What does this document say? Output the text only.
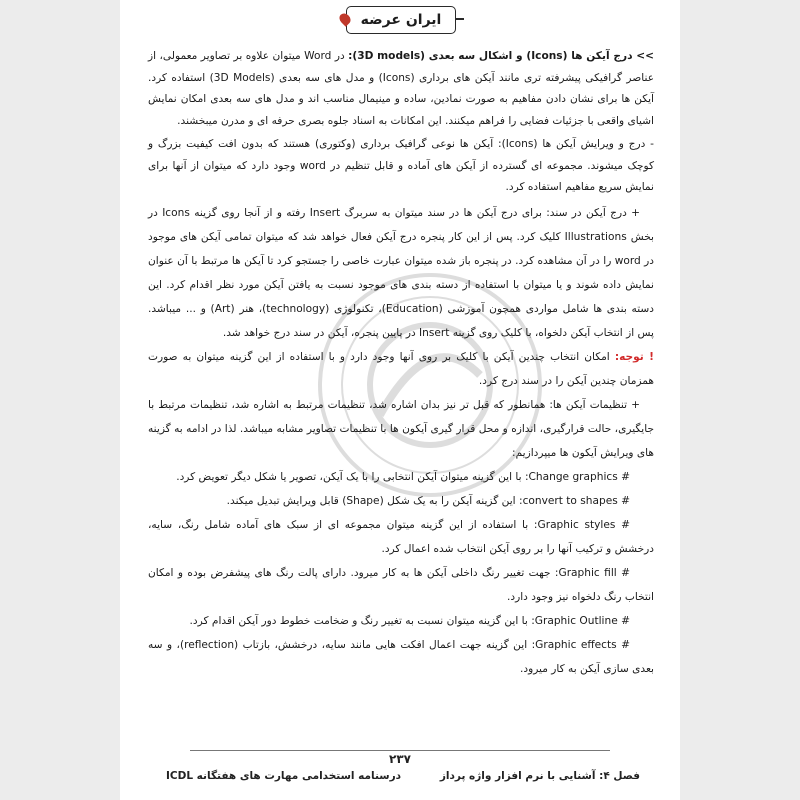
ایران عرضه

>> درج آیکن ها (Icons) و اشکال سه بعدی (3D models): در Word میتوان علاوه بر تصاویر معمولی، از عناصر گرافیکی پیشرفته تری مانند آیکن های برداری (Icons) و مدل های سه بعدی (3D Models) استفاده کرد. آیکن ها برای نشان دادن مفاهیم به صورت نمادین، ساده و مینیمال مناسب اند و مدل های سه بعدی امکان نمایش اشیای واقعی با جزئیات فضایی را فراهم میکنند. این امکانات به اسناد جلوه بصری حرفه ای و مدرن میبخشند.

- درج و ویرایش آیکن ها (Icons): آیکن ها نوعی گرافیک برداری (وکتوری) هستند که بدون افت کیفیت بزرگ و کوچک میشوند. مجموعه ای گسترده از آیکن های آماده و قابل تنظیم در word وجود دارد که میتوان از آنها برای نمایش سریع مفاهیم استفاده کرد.

+ درج آیکن در سند: برای درج آیکن ها در سند میتوان به سربرگ Insert رفته و از آنجا روی گزینه Icons در بخش Illustrations کلیک کرد. پس از این کار پنجره درج آیکن فعال خواهد شد که میتوان تمامی آیکن های موجود در word را در آن مشاهده کرد. در پنجره باز شده میتوان عبارت خاصی را جستجو کرد تا آیکن ها مرتبط با آن عنوان نمایش داده شوند و یا میتوان با استفاده از دسته بندی های موجود نسبت به یافتن آیکن مورد نظر اقدام کرد. این دسته بندی ها شامل مواردی همچون آموزشی (Education)، تکنولوژی (technology)، هنر (Art) و ... میباشد. پس از انتخاب آیکن دلخواه، با کلیک روی گزینه Insert در پایین پنجره، آیکن در سند درج خواهد شد.

! توجه: امکان انتخاب چندین آیکن با کلیک بر روی آنها وجود دارد و با استفاده از این گزینه میتوان به صورت همزمان چندین آیکن را در سند درج کرد.

+ تنظیمات آیکن ها: همانطور که قبل تر نیز بدان اشاره شد، تنظیمات مرتبط به اشاره شد، تنظیمات مرتبط با جایگیری، حالت قرارگیری، اندازه و محل قرار گیری آیکون ها با تنظیمات تصاویر مشابه میباشد. لذا در ادامه به گزینه های ویرایش آیکون ها میپردازیم:

# Change graphics: با این گزینه میتوان آیکن انتخابی را با یک آیکن، تصویر یا شکل دیگر تعویض کرد.

# convert to shapes: این گزینه آیکن را به یک شکل (Shape) قابل ویرایش تبدیل میکند.

# Graphic styles: با استفاده از این گزینه میتوان مجموعه ای از سبک های آماده شامل رنگ، سایه، درخشش و ترکیب آنها را بر روی آیکن انتخاب شده اعمال کرد.

# Graphic fill: جهت تغییر رنگ داخلی آیکن ها به کار میرود. دارای پالت رنگ های پیشفرض بوده و امکان انتخاب رنگ دلخواه نیز وجود دارد.

# Graphic Outline: با این گزینه میتوان نسبت به تغییر رنگ و ضخامت خطوط دور آیکن اقدام کرد.

# Graphic effects: این گزینه جهت اعمال افکت هایی مانند سایه، درخشش، بازتاب (reflection)، و سه بعدی سازی آیکن به کار میرود.

۲۳۷
فصل ۴: آشنایی با نرم افزار واژه پرداز
درسنامه استخدامی مهارت های هفتگانه ICDL
